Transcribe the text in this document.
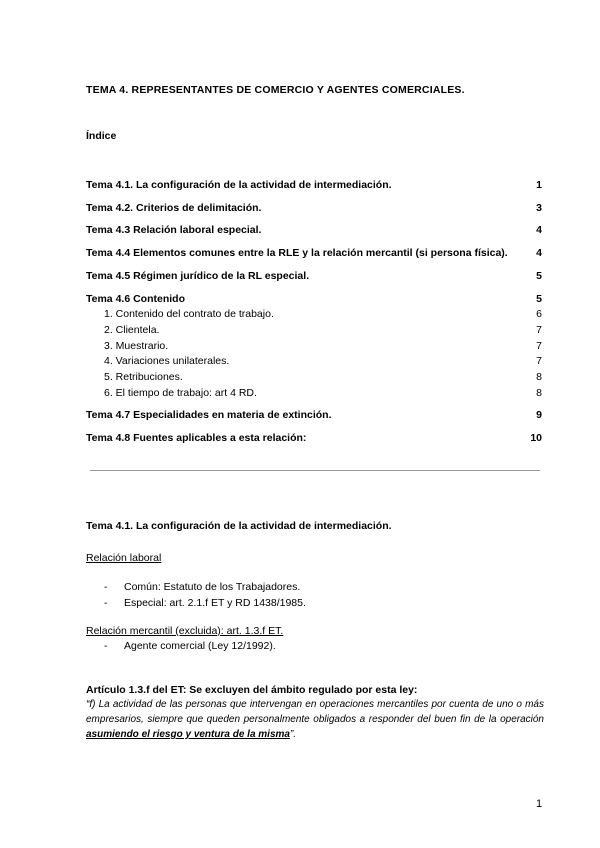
TEMA 4. REPRESENTANTES DE COMERCIO Y AGENTES COMERCIALES.
Índice
Tema 4.1. La configuración de la actividad de intermediación.	1
Tema 4.2. Criterios de delimitación.	3
Tema 4.3 Relación laboral especial.	4
Tema 4.4 Elementos comunes entre la RLE y la relación mercantil (si persona física).	4
Tema 4.5 Régimen jurídico de la RL especial.	5
Tema 4.6 Contenido	5
1. Contenido del contrato de trabajo.	6
2. Clientela.	7
3. Muestrario.	7
4. Variaciones unilaterales.	7
5. Retribuciones.	8
6. El tiempo de trabajo: art 4 RD.	8
Tema 4.7 Especialidades en materia de extinción.	9
Tema 4.8 Fuentes aplicables a esta relación:	10
Tema 4.1. La configuración de la actividad de intermediación.
Relación laboral
- Común: Estatuto de los Trabajadores.
- Especial: art. 2.1.f ET y RD 1438/1985.
Relación mercantil (excluida): art. 1.3.f ET.
- Agente comercial (Ley 12/1992).
Artículo 1.3.f del ET: Se excluyen del ámbito regulado por esta ley:
“f) La actividad de las personas que intervengan en operaciones mercantiles por cuenta de uno o más empresarios, siempre que queden personalmente obligados a responder del buen fin de la operación asumiendo el riesgo y ventura de la misma”.
1
